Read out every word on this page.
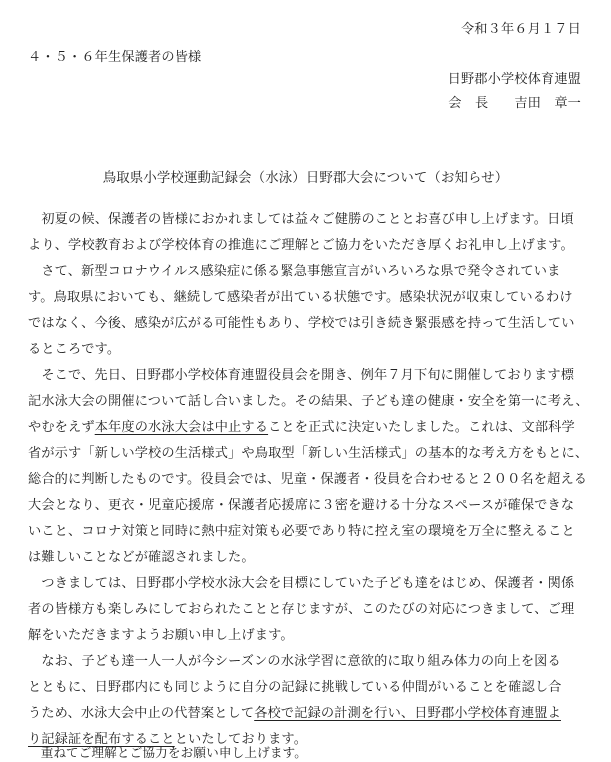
令和３年６月１７日
４・５・６年生保護者の皆様
日野郡小学校体育連盟
会　長 吉田　章一
鳥取県小学校運動記録会（水泳）日野郡大会について（お知らせ）
　初夏の候、保護者の皆様におかれましては益々ご健勝のこととお喜び申し上げます。日頃
より、学校教育および学校体育の推進にご理解とご協力をいただき厚くお礼申し上げます。
　さて、新型コロナウイルス感染症に係る緊急事態宣言がいろいろな県で発令されていま
す。鳥取県においても、継続して感染者が出ている状態です。感染状況が収束しているわけ
ではなく、今後、感染が広がる可能性もあり、学校では引き続き緊張感を持って生活してい
るところです。
　そこで、先日、日野郡小学校体育連盟役員会を開き、例年７月下旬に開催しております標
記水泳大会の開催について話し合いました。その結果、子ども達の健康・安全を第一に考え、
やむをえず本年度の水泳大会は中止することを正式に決定いたしました。これは、文部科学
省が示す「新しい学校の生活様式」や鳥取型「新しい生活様式」の基本的な考え方をもとに、
総合的に判断したものです。役員会では、児童・保護者・役員を合わせると２００名を超える
大会となり、更衣・児童応援席・保護者応援席に３密を避ける十分なスペースが確保できな
いこと、コロナ対策と同時に熱中症対策も必要であり特に控え室の環境を万全に整えること
は難しいことなどが確認されました。
　つきましては、日野郡小学校水泳大会を目標にしていた子ども達をはじめ、保護者・関係
者の皆様方も楽しみにしておられたことと存じますが、このたびの対応につきまして、ご理
解をいただきますようお願い申し上げます。
　なお、子ども達一人一人が今シーズンの水泳学習に意欲的に取り組み体力の向上を図る
とともに、日野郡内にも同じように自分の記録に挑戦している仲間がいることを確認し合
うため、水泳大会中止の代替案として各校で記録の計測を行い、日野郡小学校体育連盟よ
り記録証を配布することといたしております。
　重ねてご理解とご協力をお願い申し上げます。
